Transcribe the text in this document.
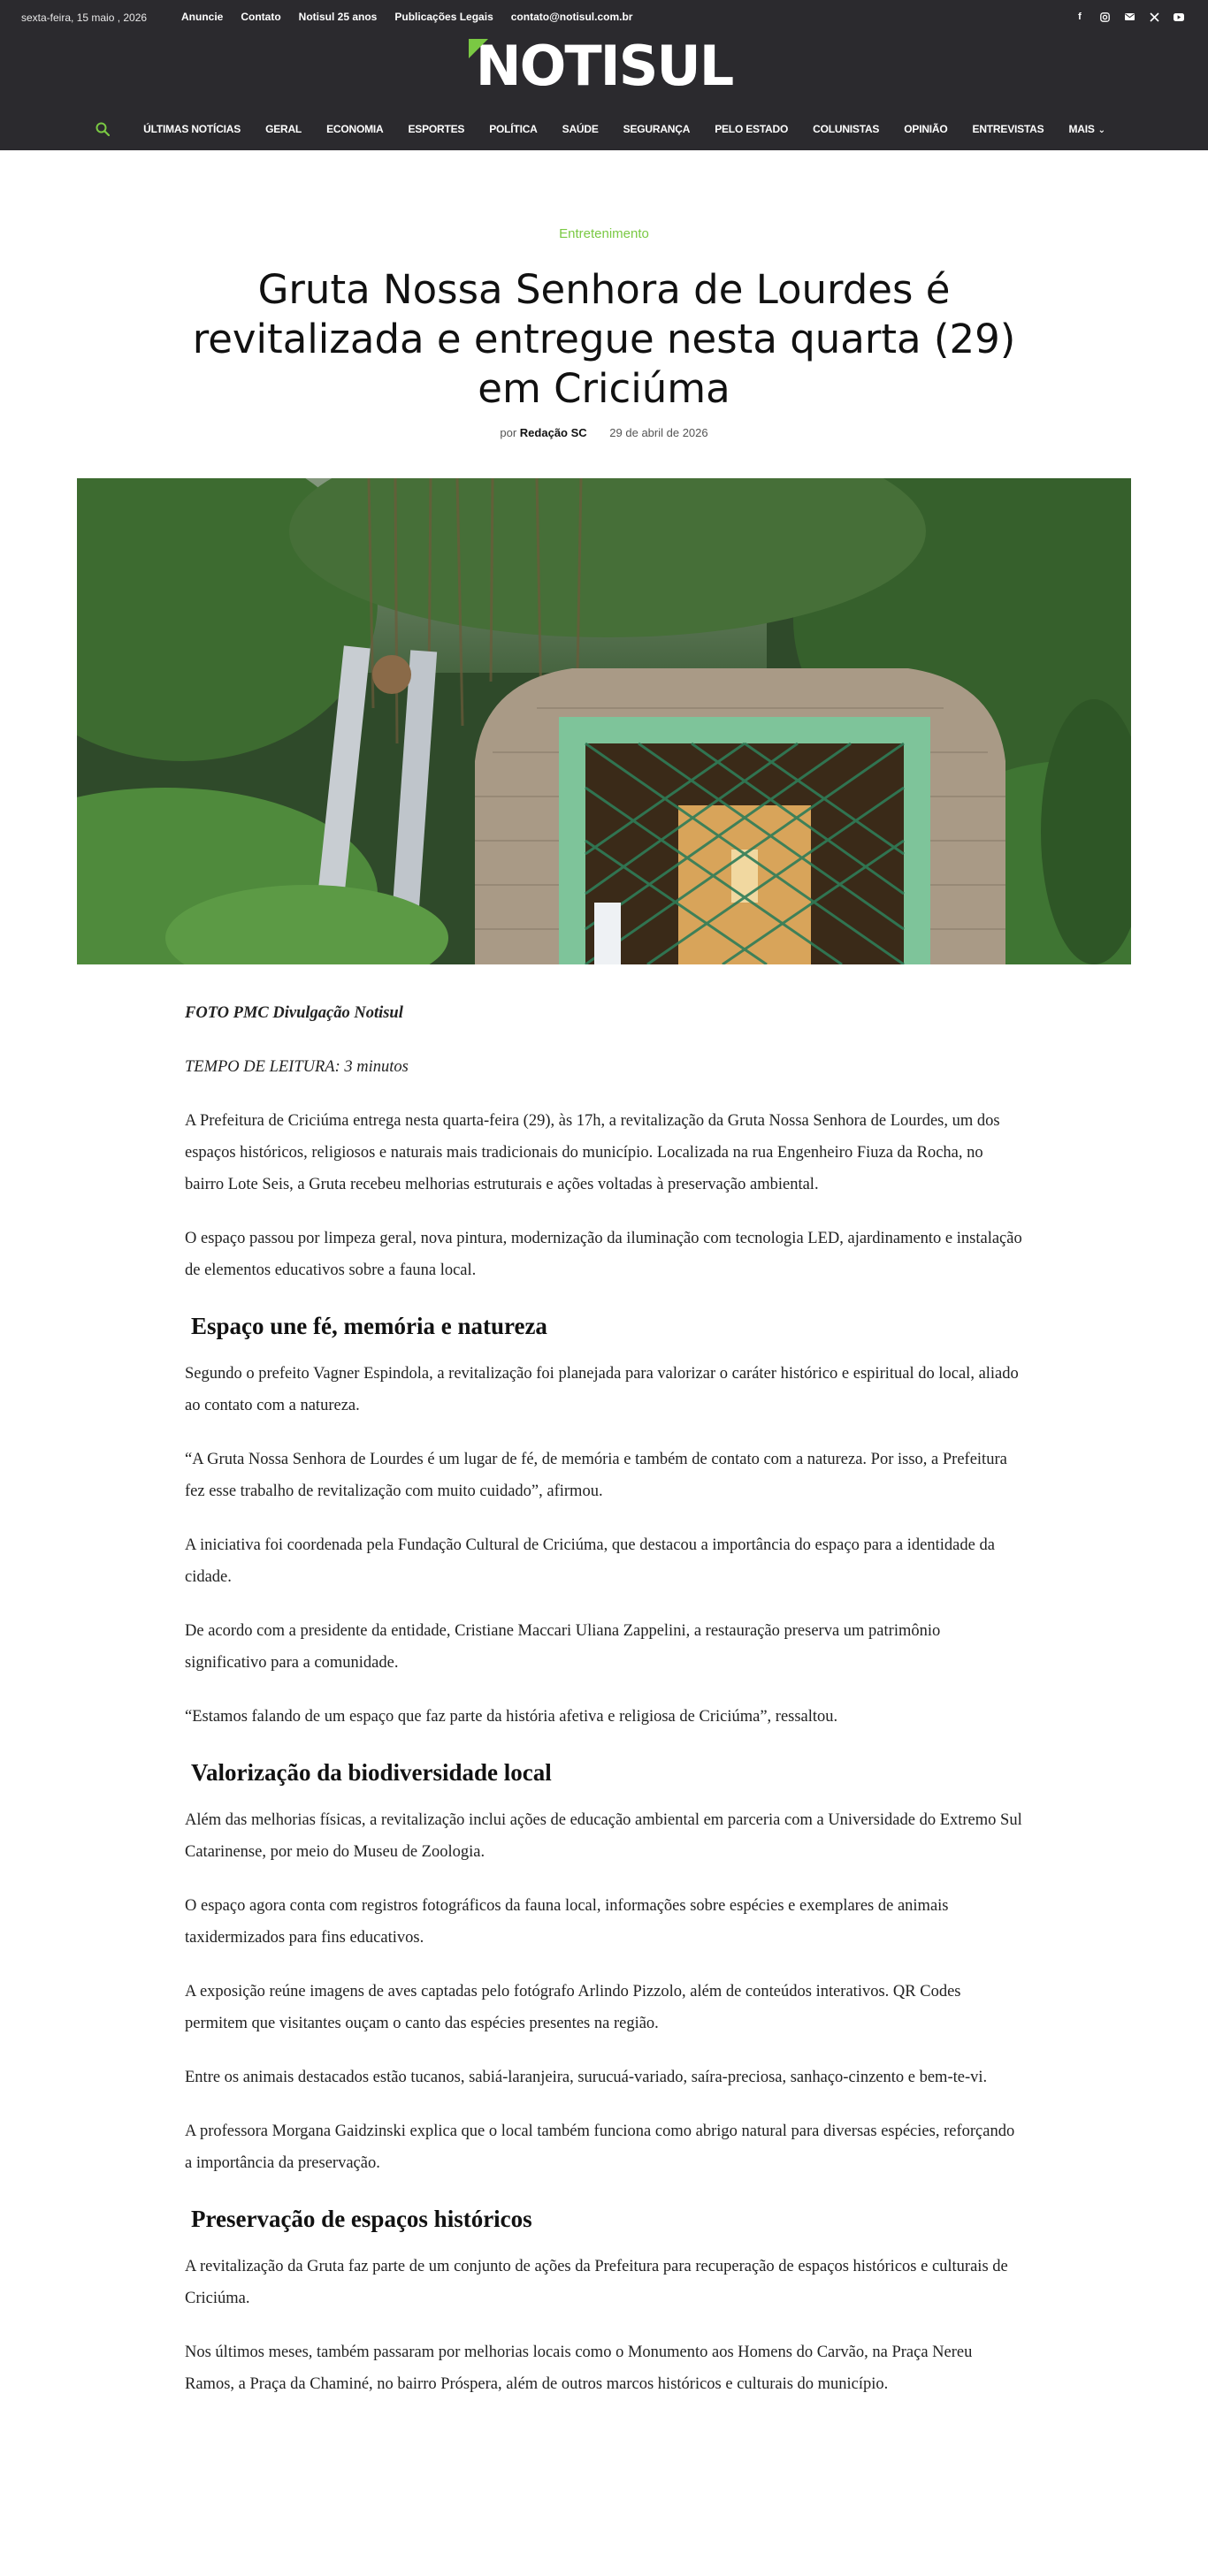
sexta-feira, 15 maio , 2026	Anuncie Contato Notisul 25 anos Publicações Legais contato@notisul.com.br	f
NOTISUL
ÚLTIMAS NOTÍCIAS	GERAL	ECONOMIA	ESPORTES	POLÍTICA	SAÚDE	SEGURANÇA	PELO ESTADO	COLUNISTAS	OPINIÃO	ENTREVISTAS	MAIS ⌄
Entretenimento
Gruta Nossa Senhora de Lourdes é revitalizada e entregue nesta quarta (29) em Criciúma
por Redação SC 29 de abril de 2026

FOTO PMC Divulgação Notisul

TEMPO DE LEITURA: 3 minutos

A Prefeitura de Criciúma entrega nesta quarta-feira (29), às 17h, a revitalização da Gruta Nossa Senhora de Lourdes, um dos espaços históricos, religiosos e naturais mais tradicionais do município. Localizada na rua Engenheiro Fiuza da Rocha, no bairro Lote Seis, a Gruta recebeu melhorias estruturais e ações voltadas à preservação ambiental.

O espaço passou por limpeza geral, nova pintura, modernização da iluminação com tecnologia LED, ajardinamento e instalação de elementos educativos sobre a fauna local.

Espaço une fé, memória e natureza

Segundo o prefeito Vagner Espindola, a revitalização foi planejada para valorizar o caráter histórico e espiritual do local, aliado ao contato com a natureza.

“A Gruta Nossa Senhora de Lourdes é um lugar de fé, de memória e também de contato com a natureza. Por isso, a Prefeitura fez esse trabalho de revitalização com muito cuidado”, afirmou.

A iniciativa foi coordenada pela Fundação Cultural de Criciúma, que destacou a importância do espaço para a identidade da cidade.

De acordo com a presidente da entidade, Cristiane Maccari Uliana Zappelini, a restauração preserva um patrimônio significativo para a comunidade.

“Estamos falando de um espaço que faz parte da história afetiva e religiosa de Criciúma”, ressaltou.

Valorização da biodiversidade local

Além das melhorias físicas, a revitalização inclui ações de educação ambiental em parceria com a Universidade do Extremo Sul Catarinense, por meio do Museu de Zoologia.

O espaço agora conta com registros fotográficos da fauna local, informações sobre espécies e exemplares de animais taxidermizados para fins educativos.

A exposição reúne imagens de aves captadas pelo fotógrafo Arlindo Pizzolo, além de conteúdos interativos. QR Codes permitem que visitantes ouçam o canto das espécies presentes na região.

Entre os animais destacados estão tucanos, sabiá-laranjeira, surucuá-variado, saíra-preciosa, sanhaço-cinzento e bem-te-vi.

A professora Morgana Gaidzinski explica que o local também funciona como abrigo natural para diversas espécies, reforçando a importância da preservação.

Preservação de espaços históricos

A revitalização da Gruta faz parte de um conjunto de ações da Prefeitura para recuperação de espaços históricos e culturais de Criciúma.

Nos últimos meses, também passaram por melhorias locais como o Monumento aos Homens do Carvão, na Praça Nereu Ramos, a Praça da Chaminé, no bairro Próspera, além de outros marcos históricos e culturais do município.
